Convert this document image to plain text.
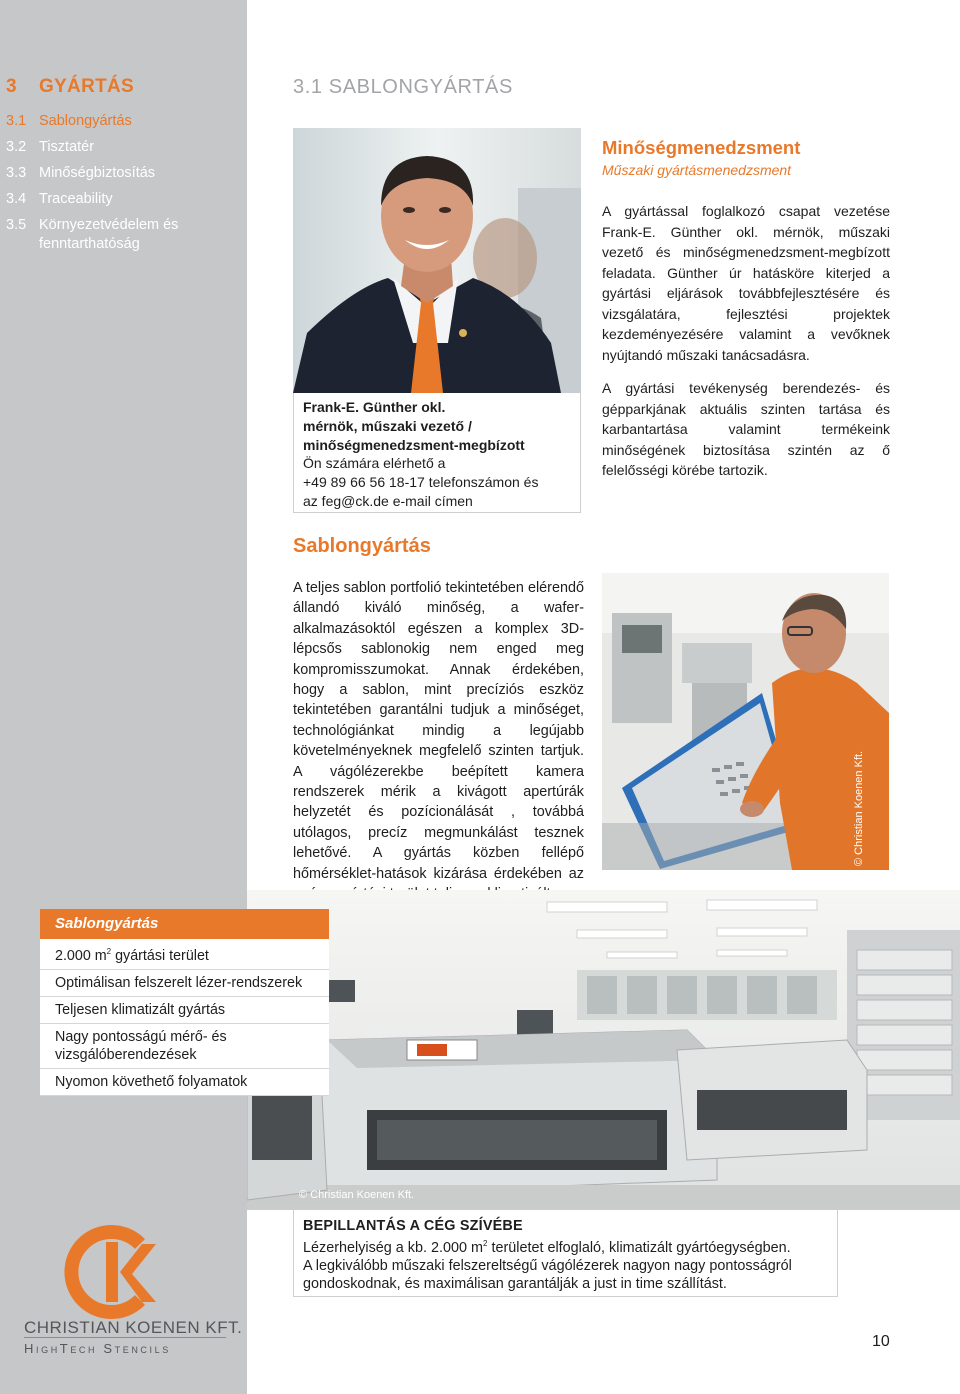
3 GYÁRTÁS
3.1 Sablongyártás
3.2 Tisztatér
3.3 Minőségbiztosítás
3.4 Traceability
3.5 Környezetvédelem és fenntarthatóság
3.1 SABLONGYÁRTÁS
Frank-E. Günther okl.
mérnök, műszaki vezető / minőségmenedzsment-megbízott
Ön számára elérhető a
+49 89 66 56 18-17 telefonszámon és
az feg@ck.de e-mail címen
Minőségmenedzsment
Műszaki gyártásmenedzsment

A gyártással foglalkozó csapat vezetése Frank-E. Günther okl. mérnök, műszaki vezető és minőségmenedzsment-megbízott feladata. Günther úr hatásköre kiterjed a gyártási eljárások továbbfejlesztésére és vizsgálatára, fejlesztési projektek kezdeményezésére valamint a vevőknek nyújtandó műszaki tanácsadásra.

A gyártási tevékenység berendezés- és gépparkjának aktuális szinten tartása és karbantartása valamint termékeink minőségének biztosítása szintén az ő felelősségi körébe tartozik.

Sablongyártás

A teljes sablon portfolió tekintetében elérendő állandó kiváló minőség, a wafer-alkalmazásoktól egészen a komplex 3D-lépcsős sablonokig nem enged meg kompromisszumokat. Annak érdekében, hogy a sablon, mint precíziós eszköz tekintetében garantálni tudjuk a minőséget, technológiánkat mindig a legújabb követelményeknek megfelelő szinten tartjuk. A vágólézerekbe beépített kamera rendszerek mérik a kivágott apertúrák helyzetét és pozícionálását , továbbá utólagos, precíz megmunkálást tesznek lehetővé. A gyártás közben fellépő hőmérséklet-hatások kizárása érdekében az

© Christian Koenen Kft.
© Christian Koenen Kft.
Sablongyártás
2.000 $m^2$ gyártási terület
Optimálisan felszerelt lézer-rendszerek
Teljesen klimatizált gyártás
Nagy pontosságú mérő- és vizsgálóberendezések
Nyomon követhető folyamatok
BEPILLANTÁS A CÉG SZÍVÉBE
Lézerhelyiség a kb. 2.000 $m^2$ területet elfoglaló, klimatizált gyártóegységben.
A legkiválóbb műszaki felszereltségű vágólézerek nagyon nagy pontosságról gondoskodnak, és maximálisan garantálják a just in time szállítást.
CHRISTIAN KOENEN KFT.
HighTech Stencils	10
